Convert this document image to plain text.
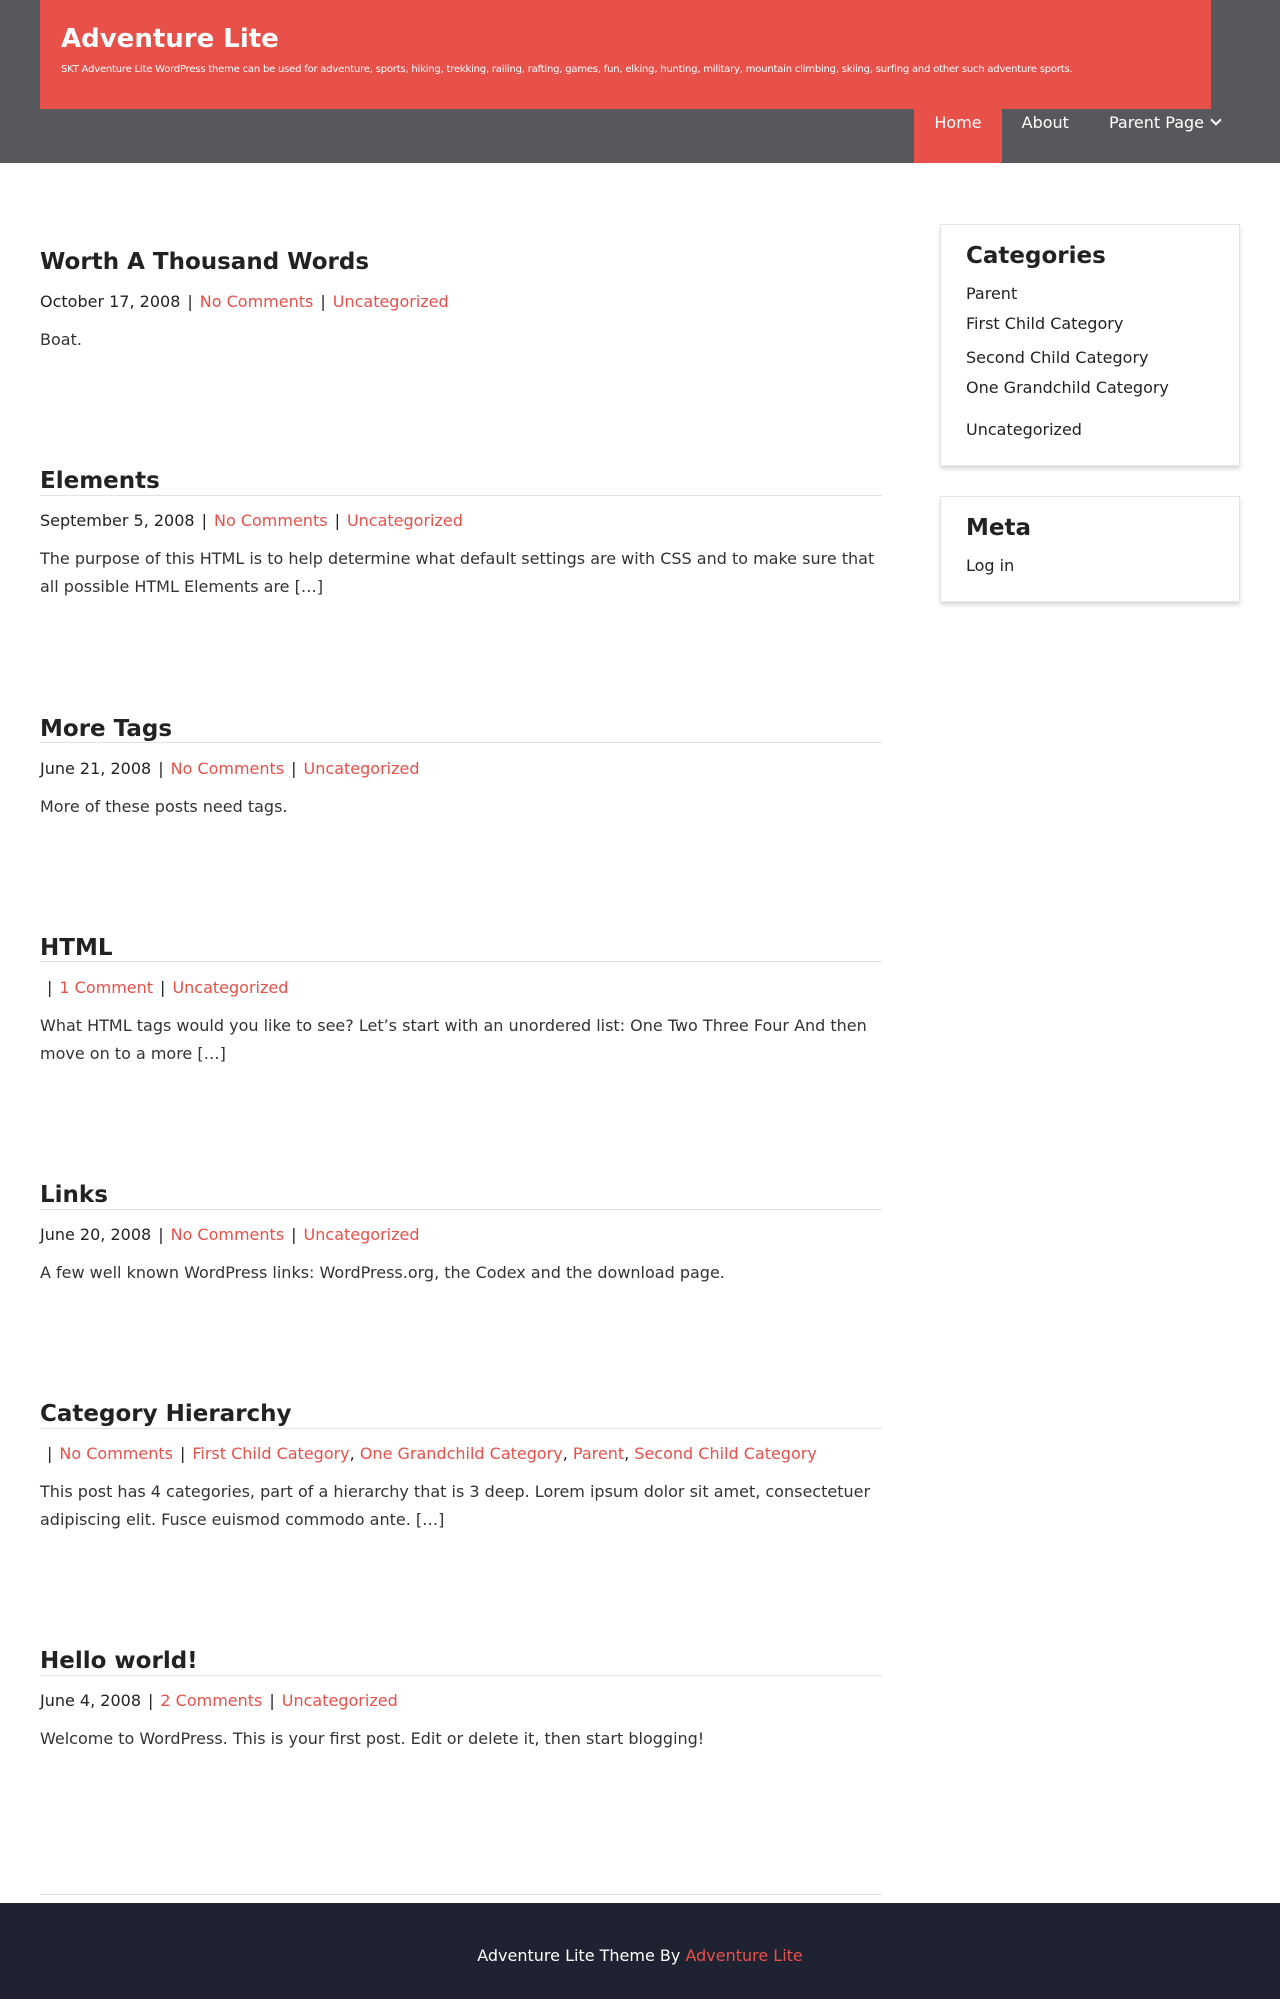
Adventure Lite

SKT Adventure Lite WordPress theme can be used for adventure, sports, hiking, trekking, railing, rafting, games, fun, elking, hunting, military, mountain climbing, skiing, surfing and other such adventure sports.

Home	About	Parent Page
Worth A Thousand Words
October 17, 2008 | No Comments | Uncategorized

Boat.

Elements
September 5, 2008 | No Comments | Uncategorized

The purpose of this HTML is to help determine what default settings are with CSS and to make sure that all possible HTML Elements are […]

More Tags
June 21, 2008 | No Comments | Uncategorized

More of these posts need tags.

HTML
| 1 Comment | Uncategorized

What HTML tags would you like to see? Let’s start with an unordered list: One Two Three Four And then move on to a more […]

Links
June 20, 2008 | No Comments | Uncategorized

A few well known WordPress links: WordPress.org, the Codex and the download page.

Category Hierarchy
| No Comments | First Child Category, One Grandchild Category, Parent, Second Child Category

This post has 4 categories, part of a hierarchy that is 3 deep. Lorem ipsum dolor sit amet, consectetuer adipiscing elit. Fusce euismod commodo ante. […]

Hello world!
June 4, 2008 | 2 Comments | Uncategorized

Welcome to WordPress. This is your first post. Edit or delete it, then start blogging!

Categories
Parent
First Child Category
Second Child Category
One Grandchild Category
Uncategorized
Meta
Log in
Adventure Lite Theme By Adventure Lite
